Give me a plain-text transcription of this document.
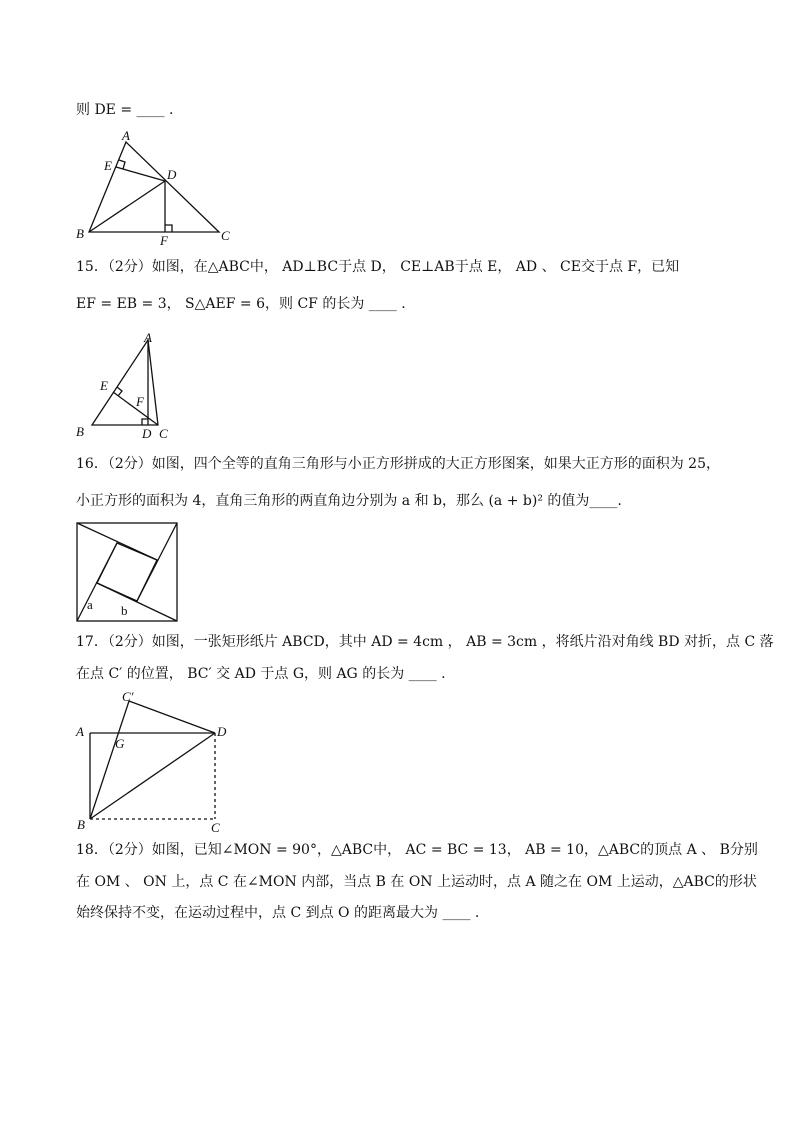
则 DE = ____ .
A
E
D
B	F	C
15．（2分）如图，在△ABC中， AD⊥BC于点 D， CE⊥AB于点 E， AD 、 CE交于点 F，已知
EF = EB = 3， S△AEF = 6，则 CF 的长为 ____ .
A
E
F
B	D C
16．（2分）如图，四个全等的直角三角形与小正方形拼成的大正方形图案，如果大正方形的面积为 25，
小正方形的面积为 4，直角三角形的两直角边分别为 a 和 b，那么 (a + b)² 的值为____.
a b
17．（2分）如图，一张矩形纸片 ABCD，其中 AD = 4cm ， AB = 3cm ，将纸片沿对角线 BD 对折，点 C 落
在点 C′ 的位置， BC′ 交 AD 于点 G，则 AG 的长为 ____ .
A
C′
G
D
B	C
18．（2分）如图，已知∠MON = 90°，△ABC中， AC = BC = 13， AB = 10，△ABC的顶点 A 、 B分别
在 OM 、 ON 上，点 C 在∠MON 内部，当点 B 在 ON 上运动时，点 A 随之在 OM 上运动，△ABC的形状
始终保持不变，在运动过程中，点 C 到点 O 的距离最大为 ____ .
